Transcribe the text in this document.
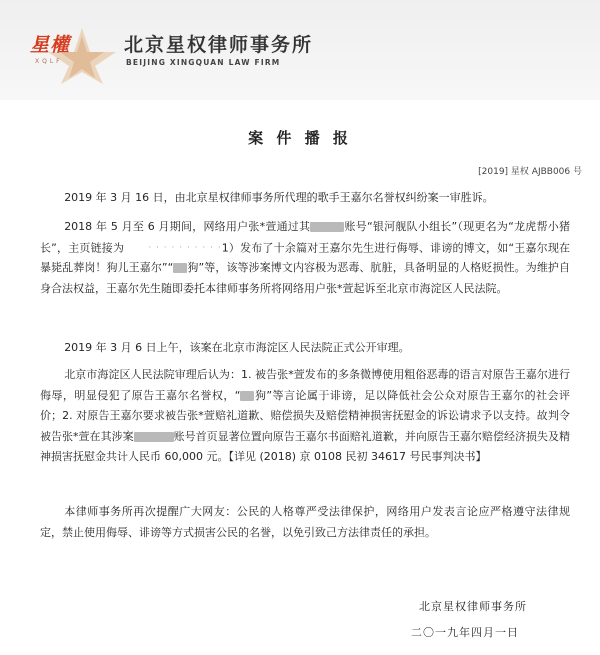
星權
XQLF
北京星权律师事务所
BEIJING XINGQUAN LAW FIRM
案 件 播 报
[2019] 星权 AJBB006 号
2019 年 3 月 16 日，由北京星权律师事务所代理的歌手王嘉尔名誉权纠纷案一审胜诉。
2018 年 5 月至 6 月期间，网络用户张*萱通过其	账号“银河舰队小组长”（现更名为“龙虎帮小猪长”，主页链接为	· · · · · · · · · ·1）发布了十余篇对王嘉尔先生进行侮辱、诽谤的博文，如“王嘉尔现在暴毙乱葬岗！狗儿王嘉尔”“ 狗”等，该等涉案博文内容极为恶毒、肮脏，具备明显的人格贬损性。为维护自身合法权益，王嘉尔先生随即委托本律师事务所将网络用户张*萱起诉至北京市海淀区人民法院。
2019 年 3 月 6 日上午，该案在北京市海淀区人民法院正式公开审理。
北京市海淀区人民法院审理后认为：1. 被告张*萱发布的多条微博使用粗俗恶毒的语言对原告王嘉尔进行侮辱，明显侵犯了原告王嘉尔名誉权，“ 狗”等言论属于诽谤，足以降低社会公众对原告王嘉尔的社会评价；2. 对原告王嘉尔要求被告张*萱赔礼道歉、赔偿损失及赔偿精神损害抚慰金的诉讼请求予以支持。故判令被告张*萱在其涉案	账号首页显著位置向原告王嘉尔书面赔礼道歉，并向原告王嘉尔赔偿经济损失及精神损害抚慰金共计人民币 60,000 元。【详见 (2018) 京 0108 民初 34617 号民事判决书】
本律师事务所再次提醒广大网友：公民的人格尊严受法律保护，网络用户发表言论应严格遵守法律规定，禁止使用侮辱、诽谤等方式损害公民的名誉，以免引致己方法律责任的承担。
北京星权律师事务所
二〇一九年四月一日
